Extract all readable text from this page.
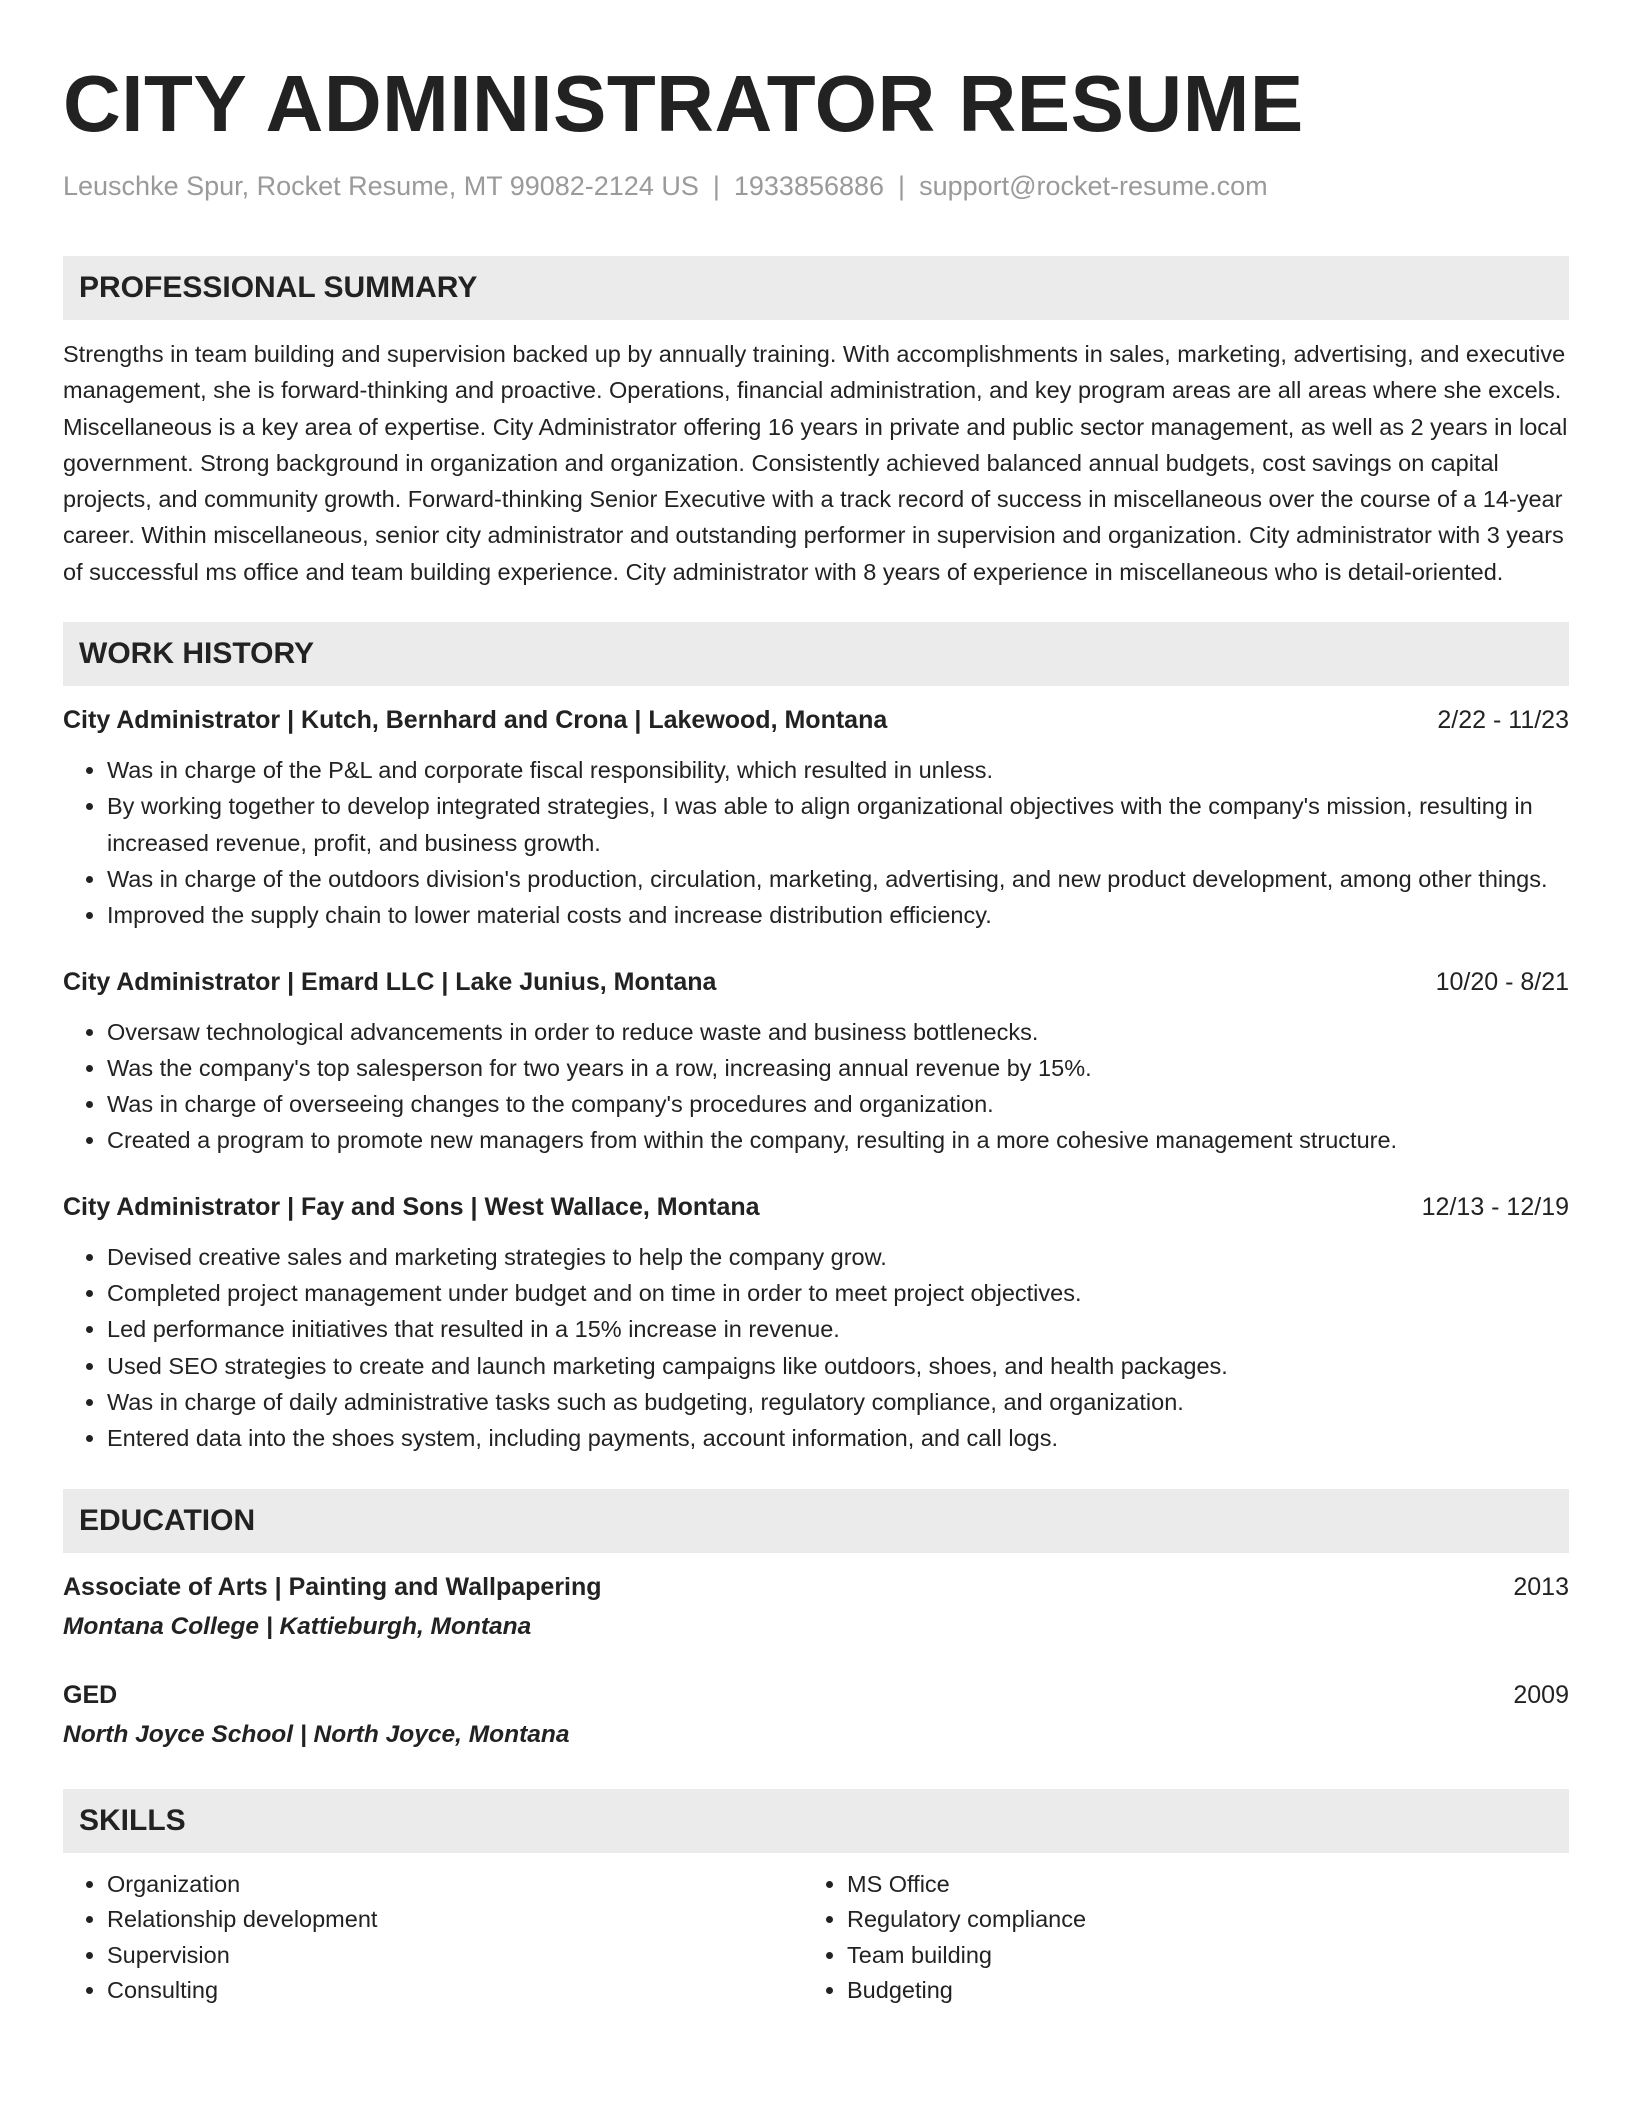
CITY ADMINISTRATOR RESUME
Leuschke Spur, Rocket Resume, MT 99082-2124 US | 1933856886 | support@rocket-resume.com
PROFESSIONAL SUMMARY
Strengths in team building and supervision backed up by annually training. With accomplishments in sales, marketing, advertising, and executive management, she is forward-thinking and proactive. Operations, financial administration, and key program areas are all areas where she excels. Miscellaneous is a key area of expertise. City Administrator offering 16 years in private and public sector management, as well as 2 years in local government. Strong background in organization and organization. Consistently achieved balanced annual budgets, cost savings on capital projects, and community growth. Forward-thinking Senior Executive with a track record of success in miscellaneous over the course of a 14-year career. Within miscellaneous, senior city administrator and outstanding performer in supervision and organization. City administrator with 3 years of successful ms office and team building experience. City administrator with 8 years of experience in miscellaneous who is detail-oriented.
WORK HISTORY
City Administrator | Kutch, Bernhard and Crona | Lakewood, Montana	2/22 - 11/23
• Was in charge of the P&L and corporate fiscal responsibility, which resulted in unless.
• By working together to develop integrated strategies, I was able to align organizational objectives with the company's mission, resulting in increased revenue, profit, and business growth.
• Was in charge of the outdoors division's production, circulation, marketing, advertising, and new product development, among other things.
• Improved the supply chain to lower material costs and increase distribution efficiency.
City Administrator | Emard LLC | Lake Junius, Montana	10/20 - 8/21
• Oversaw technological advancements in order to reduce waste and business bottlenecks.
• Was the company's top salesperson for two years in a row, increasing annual revenue by 15%.
• Was in charge of overseeing changes to the company's procedures and organization.
• Created a program to promote new managers from within the company, resulting in a more cohesive management structure.
City Administrator | Fay and Sons | West Wallace, Montana	12/13 - 12/19
• Devised creative sales and marketing strategies to help the company grow.
• Completed project management under budget and on time in order to meet project objectives.
• Led performance initiatives that resulted in a 15% increase in revenue.
• Used SEO strategies to create and launch marketing campaigns like outdoors, shoes, and health packages.
• Was in charge of daily administrative tasks such as budgeting, regulatory compliance, and organization.
• Entered data into the shoes system, including payments, account information, and call logs.
EDUCATION
Associate of Arts | Painting and Wallpapering	2013
Montana College | Kattieburgh, Montana
GED	2009
North Joyce School | North Joyce, Montana
SKILLS
• Organization
• Relationship development
• Supervision
• Consulting
• MS Office
• Regulatory compliance
• Team building
• Budgeting
